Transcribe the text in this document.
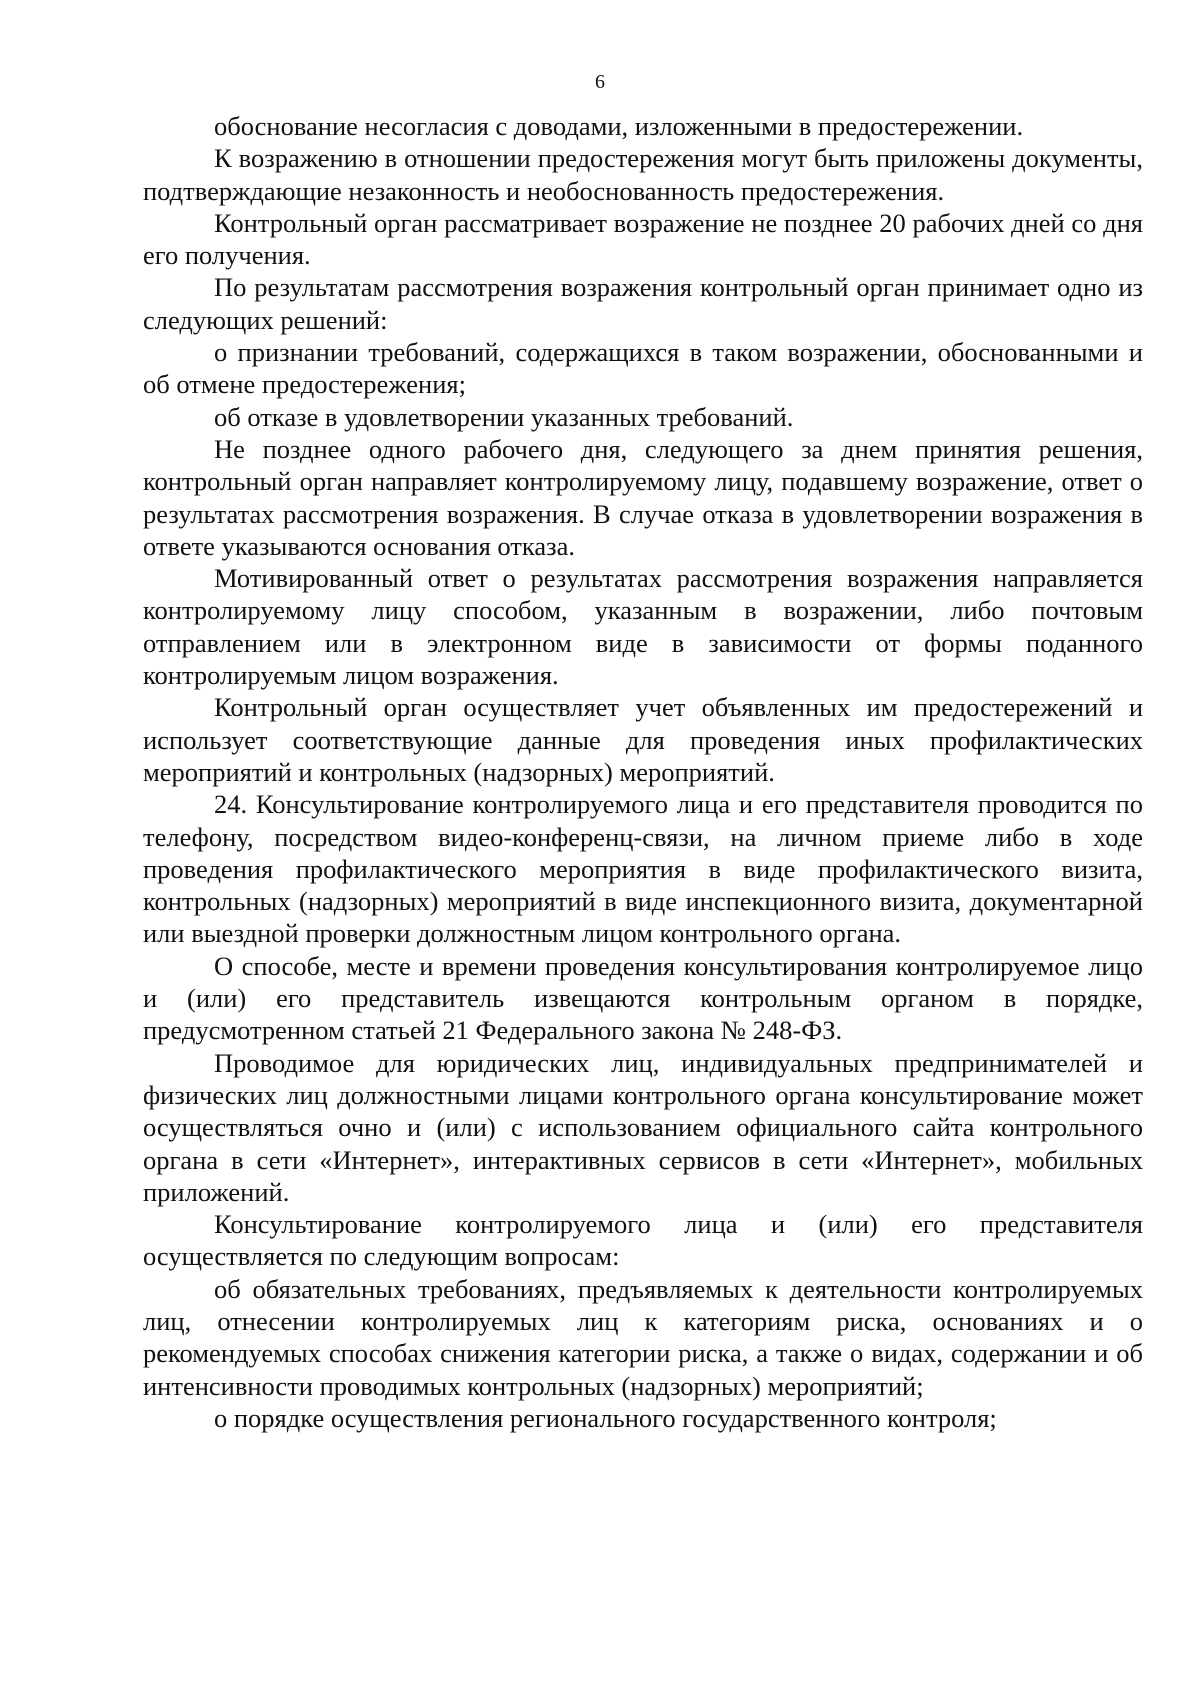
6

обоснование несогласия с доводами, изложенными в предостережении.

К возражению в отношении предостережения могут быть приложены документы, подтверждающие незаконность и необоснованность предостережения.

Контрольный орган рассматривает возражение не позднее 20 рабочих дней со дня его получения.

По результатам рассмотрения возражения контрольный орган принимает одно из следующих решений:

о признании требований, содержащихся в таком возражении, обоснованными и об отмене предостережения;

об отказе в удовлетворении указанных требований.

Не позднее одного рабочего дня, следующего за днем принятия решения, контрольный орган направляет контролируемому лицу, подавшему возражение, ответ о результатах рассмотрения возражения. В случае отказа в удовлетворении возражения в ответе указываются основания отказа.

Мотивированный ответ о результатах рассмотрения возражения направляется контролируемому лицу способом, указанным в возражении, либо почтовым отправлением или в электронном виде в зависимости от формы поданного контролируемым лицом возражения.

Контрольный орган осуществляет учет объявленных им предостережений и использует соответствующие данные для проведения иных профилактических мероприятий и контрольных (надзорных) мероприятий.

24. Консультирование контролируемого лица и его представителя проводится по телефону, посредством видео-конференц-связи, на личном приеме либо в ходе проведения профилактического мероприятия в виде профилактического визита, контрольных (надзорных) мероприятий в виде инспекционного визита, документарной или выездной проверки должностным лицом контрольного органа.

О способе, месте и времени проведения консультирования контролируемое лицо и (или) его представитель извещаются контрольным органом в порядке, предусмотренном статьей 21 Федерального закона № 248-ФЗ.

Проводимое для юридических лиц, индивидуальных предпринимателей и физических лиц должностными лицами контрольного органа консультирование может осуществляться очно и (или) с использованием официального сайта контрольного органа в сети «Интернет», интерактивных сервисов в сети «Интернет», мобильных приложений.

Консультирование контролируемого лица и (или) его представителя осуществляется по следующим вопросам:

об обязательных требованиях, предъявляемых к деятельности контролируемых лиц, отнесении контролируемых лиц к категориям риска, основаниях и о рекомендуемых способах снижения категории риска, а также о видах, содержании и об интенсивности проводимых контрольных (надзорных) мероприятий;

о порядке осуществления регионального государственного контроля;
